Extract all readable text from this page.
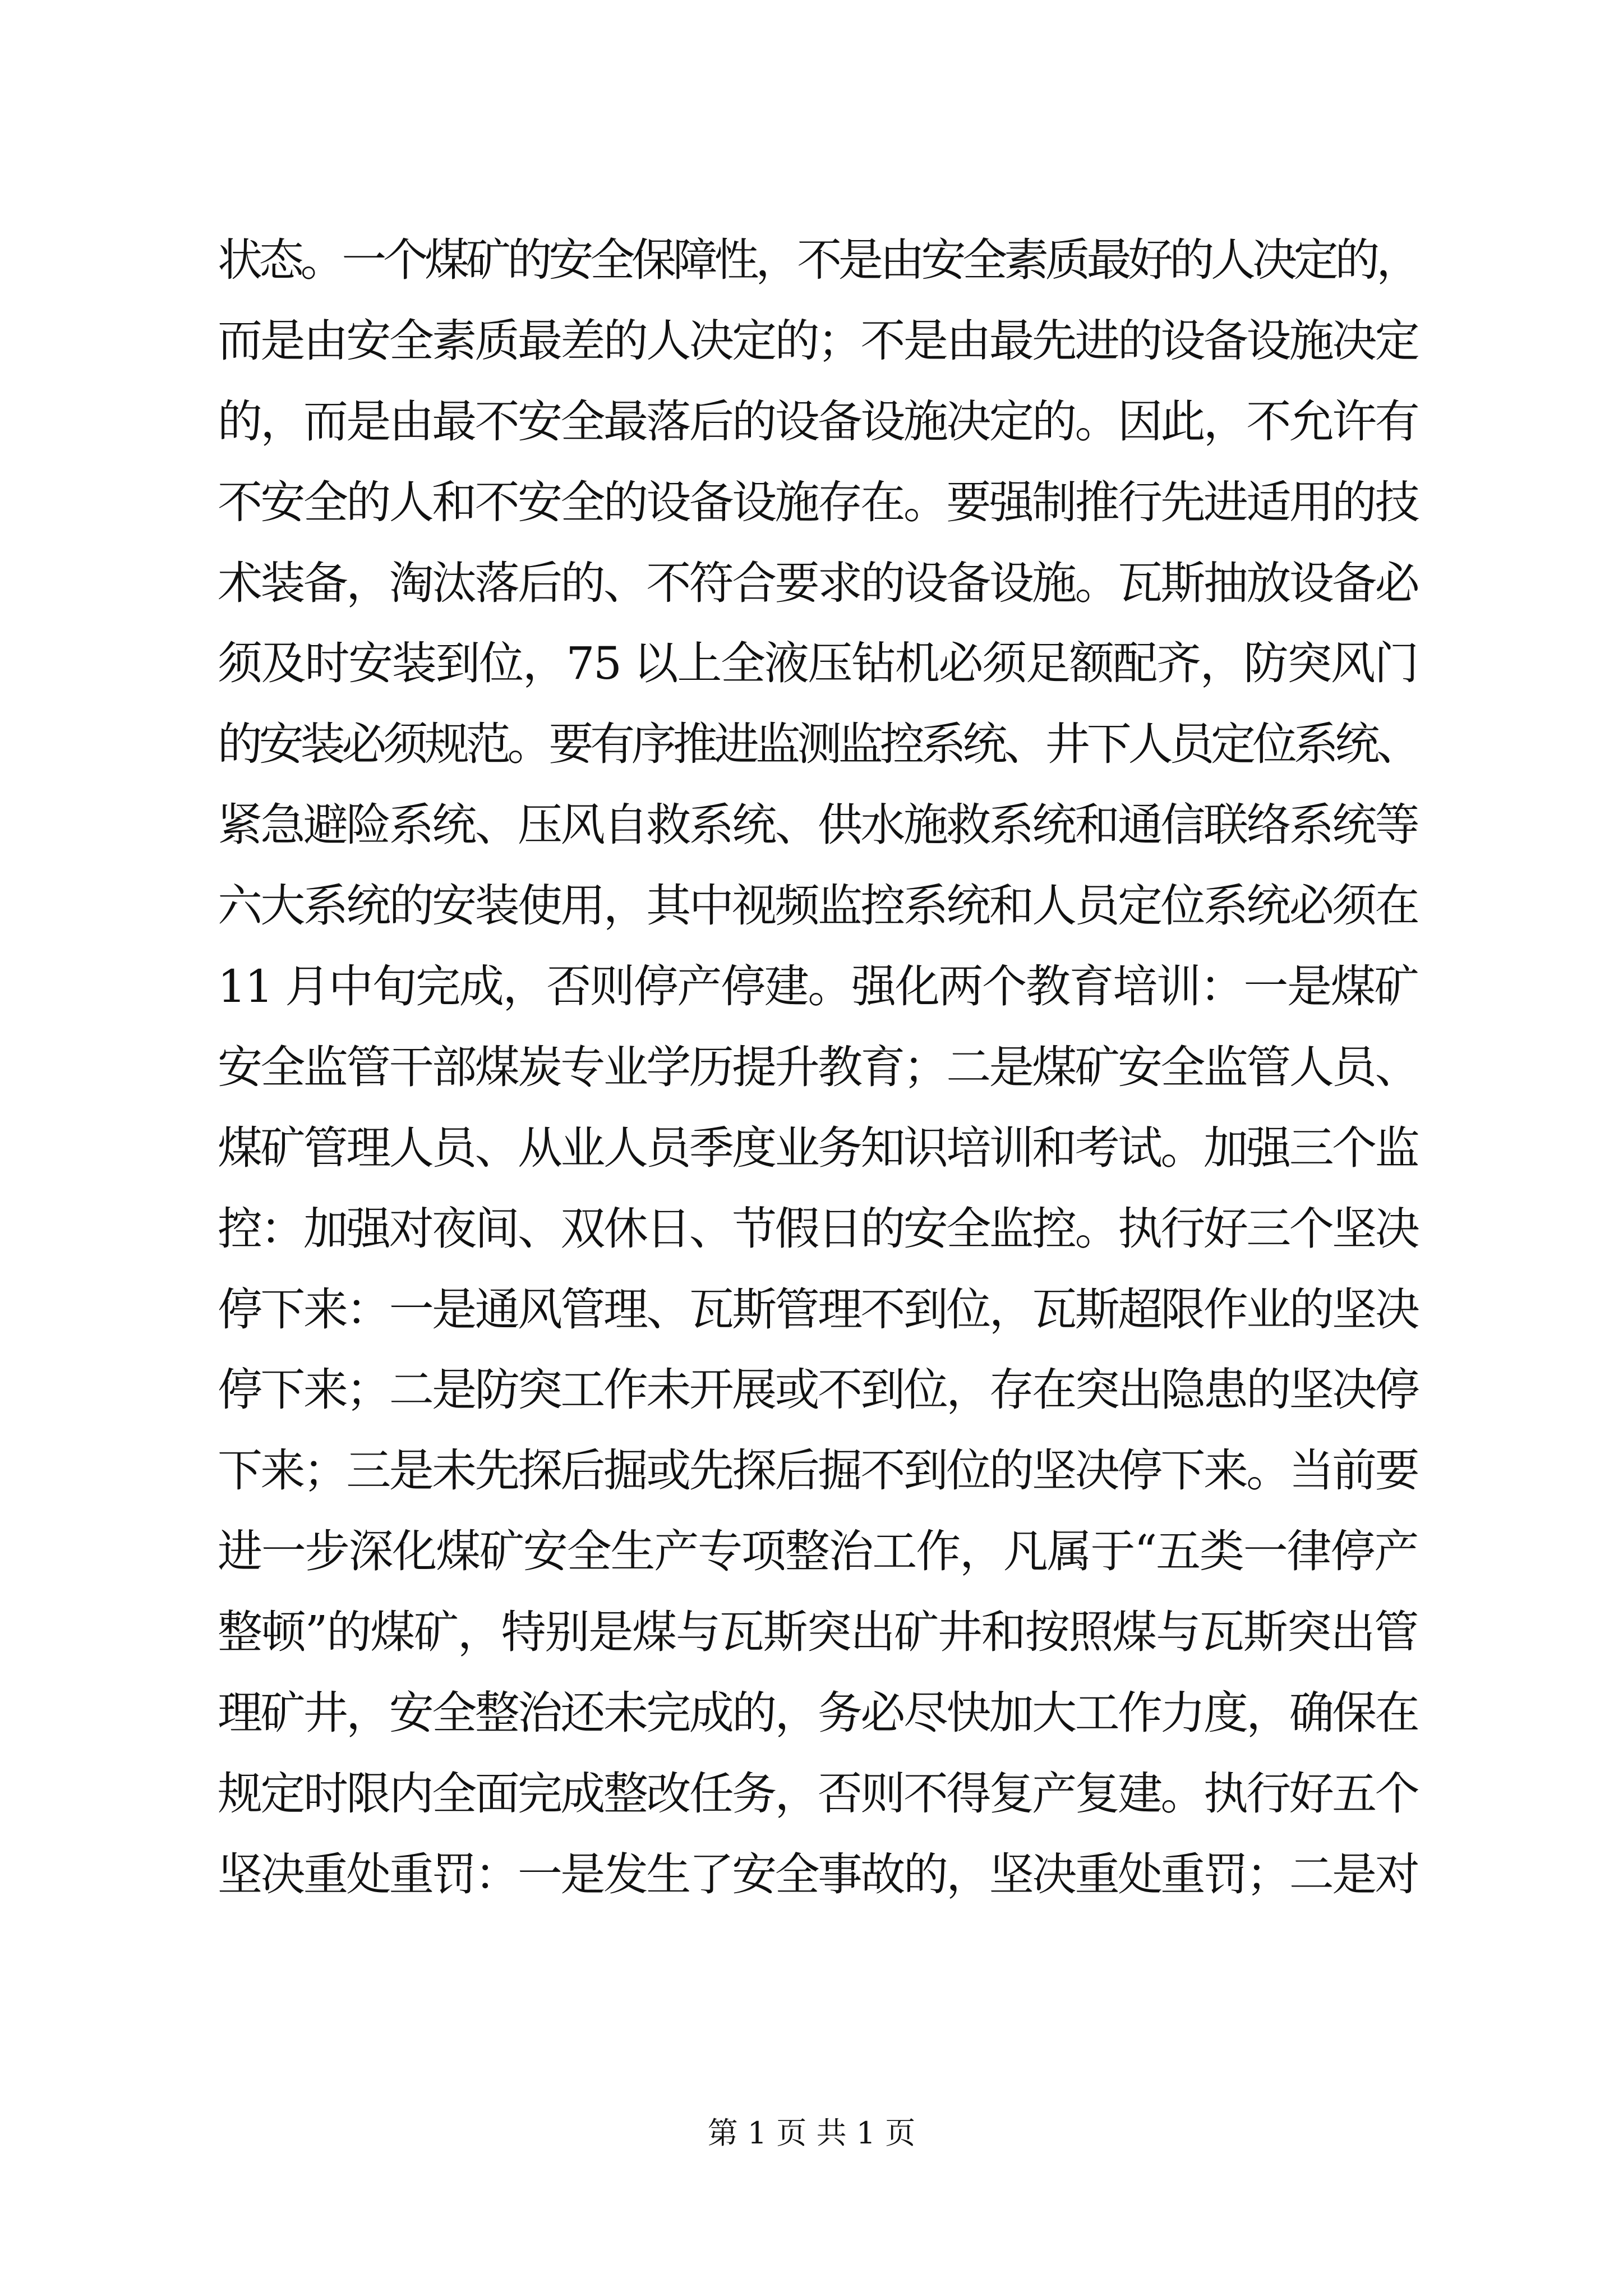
状态。一个煤矿的安全保障性，不是由安全素质最好的人决定的，
而是由安全素质最差的人决定的；不是由最先进的设备设施决定
的，而是由最不安全最落后的设备设施决定的。因此，不允许有
不安全的人和不安全的设备设施存在。要强制推行先进适用的技
术装备，淘汰落后的、不符合要求的设备设施。瓦斯抽放设备必
须及时安装到位，75 以上全液压钻机必须足额配齐，防突风门
的安装必须规范。要有序推进监测监控系统、井下人员定位系统、
紧急避险系统、压风自救系统、供水施救系统和通信联络系统等
六大系统的安装使用，其中视频监控系统和人员定位系统必须在
11 月中旬完成，否则停产停建。强化两个教育培训：一是煤矿
安全监管干部煤炭专业学历提升教育；二是煤矿安全监管人员、
煤矿管理人员、从业人员季度业务知识培训和考试。加强三个监
控：加强对夜间、双休日、节假日的安全监控。执行好三个坚决
停下来：一是通风管理、瓦斯管理不到位，瓦斯超限作业的坚决
停下来；二是防突工作未开展或不到位，存在突出隐患的坚决停
下来；三是未先探后掘或先探后掘不到位的坚决停下来。当前要
进一步深化煤矿安全生产专项整治工作，凡属于“五类一律停产
整顿”的煤矿，特别是煤与瓦斯突出矿井和按照煤与瓦斯突出管
理矿井，安全整治还未完成的，务必尽快加大工作力度，确保在
规定时限内全面完成整改任务，否则不得复产复建。执行好五个
坚决重处重罚：一是发生了安全事故的，坚决重处重罚；二是对
第 1 页 共 1 页
